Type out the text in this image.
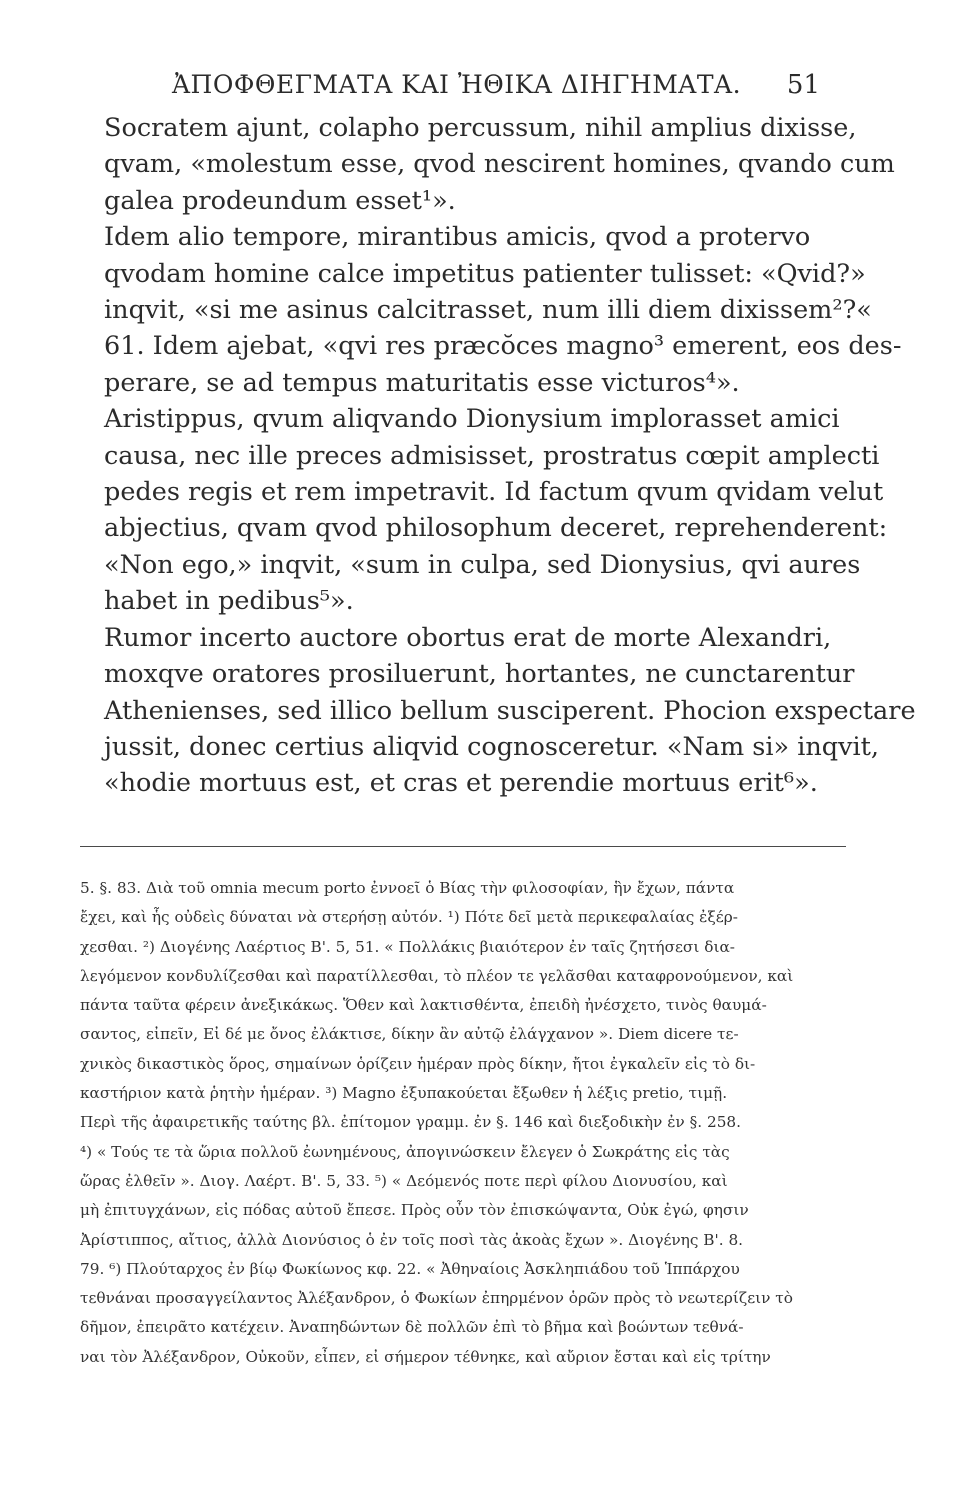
ἈΠΟΦΘΕΓΜΑΤΑ ΚΑΙ ἨΘΙΚΑ ΔΙΗΓΗΜΑΤΑ. 51

Socratem ajunt, colapho percussum, nihil amplius dixisse,
qvam, «molestum esse, qvod nescirent homines, qvando cum
galea prodeundum esset¹».

Idem alio tempore, mirantibus amicis, qvod a protervo
qvodam homine calce impetitus patienter tulisset: «Qvid?»
inqvit, «si me asinus calcitrasset, num illi diem dixissem²?«
61. Idem ajebat, «qvi res præcŏces magno³ emerent, eos des-
perare, se ad tempus maturitatis esse victuros⁴».

Aristippus, qvum aliqvando Dionysium implorasset amici
causa, nec ille preces admisisset, prostratus cœpit amplecti
pedes regis et rem impetravit. Id factum qvum qvidam velut
abjectius, qvam qvod philosophum deceret, reprehenderent:
«Non ego,» inqvit, «sum in culpa, sed Dionysius, qvi aures
habet in pedibus⁵».

Rumor incerto auctore obortus erat de morte Alexandri,
moxqve oratores prosiluerunt, hortantes, ne cunctarentur
Athenienses, sed illico bellum susciperent. Phocion exspectare
jussit, donec certius aliqvid cognosceretur. «Nam si» inqvit,
«hodie mortuus est, et cras et perendie mortuus erit⁶».

5. §. 83. Διὰ τοῦ omnia mecum porto ἐννοεῖ ὁ Βίας τὴν φιλοσοφίαν, ἣν ἔχων, πάντα
ἔχει, καὶ ἧς οὐδεὶς δύναται νὰ στερήσῃ αὐτόν. ¹) Πότε δεῖ μετὰ περικεφαλαίας ἐξέρ-
χεσθαι. ²) Διογένης Λαέρτιος Β'. 5, 51. « Πολλάκις βιαιότερον ἐν ταῖς ζητήσεσι δια-
λεγόμενον κονδυλίζεσθαι καὶ παρατίλλεσθαι, τὸ πλέον τε γελᾶσθαι καταφρονούμενον, καὶ
πάντα ταῦτα φέρειν ἀνεξικάκως. Ὅθεν καὶ λακτισθέντα, ἐπειδὴ ἠνέσχετο, τινὸς θαυμά-
σαντος, εἰπεῖν, Εἰ δέ με ὄνος ἐλάκτισε, δίκην ἂν αὐτῷ ἐλάγχανον ». Diem dicere τε-
χνικὸς δικαστικὸς ὅρος, σημαίνων ὁρίζειν ἡμέραν πρὸς δίκην, ἤτοι ἐγκαλεῖν εἰς τὸ δι-
καστήριον κατὰ ῥητὴν ἡμέραν. ³) Magno ἐξυπακούεται ἔξωθεν ἡ λέξις pretio, τιμῇ.
Περὶ τῆς ἀφαιρετικῆς ταύτης βλ. ἐπίτομον γραμμ. ἐν §. 146 καὶ διεξοδικὴν ἐν §. 258.
⁴) « Τούς τε τὰ ὥρια πολλοῦ ἐωνημένους, ἀπογινώσκειν ἔλεγεν ὁ Σωκράτης εἰς τὰς
ὥρας ἐλθεῖν ». Διογ. Λαέρτ. Β'. 5, 33. ⁵) « Δεόμενός ποτε περὶ φίλου Διονυσίου, καὶ
μὴ ἐπιτυγχάνων, εἰς πόδας αὐτοῦ ἔπεσε. Πρὸς οὖν τὸν ἐπισκώψαντα, Οὐκ ἐγώ, φησιν
Ἀρίστιππος, αἴτιος, ἀλλὰ Διονύσιος ὁ ἐν τοῖς ποσὶ τὰς ἀκοὰς ἔχων ». Διογένης Β'. 8.
79. ⁶) Πλούταρχος ἐν βίῳ Φωκίωνος κφ. 22. « Ἀθηναίοις Ἀσκληπιάδου τοῦ Ἱππάρχου
τεθνάναι προσαγγείλαντος Ἀλέξανδρον, ὁ Φωκίων ἐπηρμένον ὁρῶν πρὸς τὸ νεωτερίζειν τὸ
δῆμον, ἐπειρᾶτο κατέχειν. Ἀναπηδώντων δὲ πολλῶν ἐπὶ τὸ βῆμα καὶ βοώντων τεθνά-
ναι τὸν Ἀλέξανδρον, Οὐκοῦν, εἶπεν, εἰ σήμερον τέθνηκε, καὶ αὔριον ἔσται καὶ εἰς τρίτην
